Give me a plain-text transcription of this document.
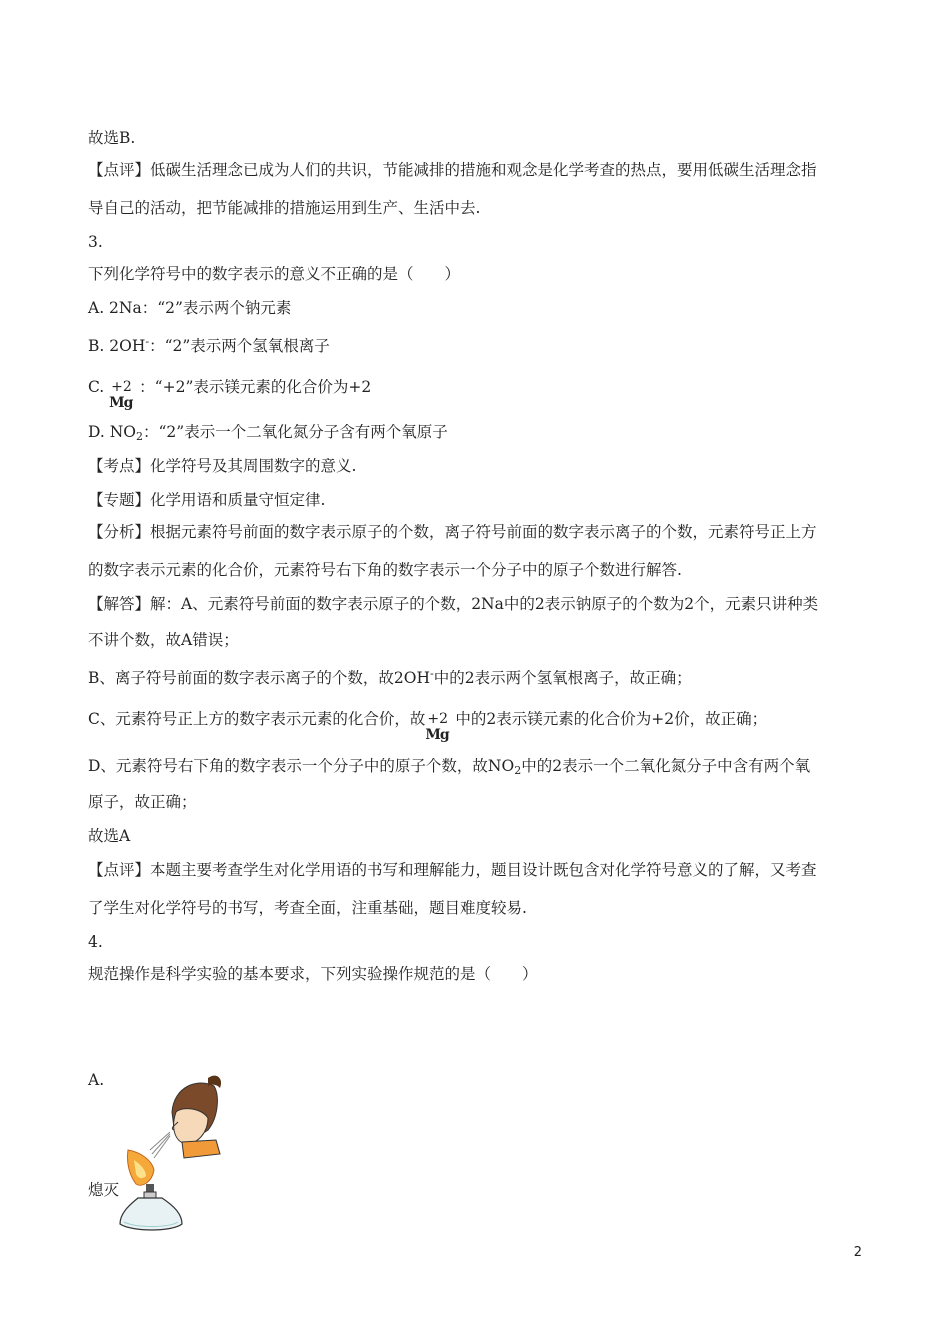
故选B.
【点评】低碳生活理念已成为人们的共识，节能减排的措施和观念是化学考查的热点，要用低碳生活理念指
导自己的活动，把节能减排的措施运用到生产、生活中去.
3.
下列化学符号中的数字表示的意义不正确的是（　　）
A. 2Na：“2”表示两个钠元素
B. 2OH-：“2”表示两个氢氧根离子
C. +2
Mg
：“+2”表示镁元素的化合价为+2
D. $NO_2$：“2”表示一个二氧化氮分子含有两个氧原子
【考点】化学符号及其周围数字的意义.
【专题】化学用语和质量守恒定律.
【分析】根据元素符号前面的数字表示原子的个数，离子符号前面的数字表示离子的个数，元素符号正上方
的数字表示元素的化合价，元素符号右下角的数字表示一个分子中的原子个数进行解答.
【解答】解：A、元素符号前面的数字表示原子的个数，2Na中的2表示钠原子的个数为2个，元素只讲种类
不讲个数，故A错误；
B、离子符号前面的数字表示离子的个数，故2OH-中的2表示两个氢氧根离子，故正确；
C、元素符号正上方的数字表示元素的化合价，故 +2
Mg
中的2表示镁元素的化合价为+2价，故正确；
D、元素符号右下角的数字表示一个分子中的原子个数，故$NO_2$中的2表示一个二氧化氮分子中含有两个氧
原子，故正确；
故选A
【点评】本题主要考查学生对化学用语的书写和理解能力，题目设计既包含对化学符号意义的了解，又考查
了学生对化学符号的书写，考查全面，注重基础，题目难度较易.
4.
规范操作是科学实验的基本要求，下列实验操作规范的是（　　）
A.
熄灭
2
